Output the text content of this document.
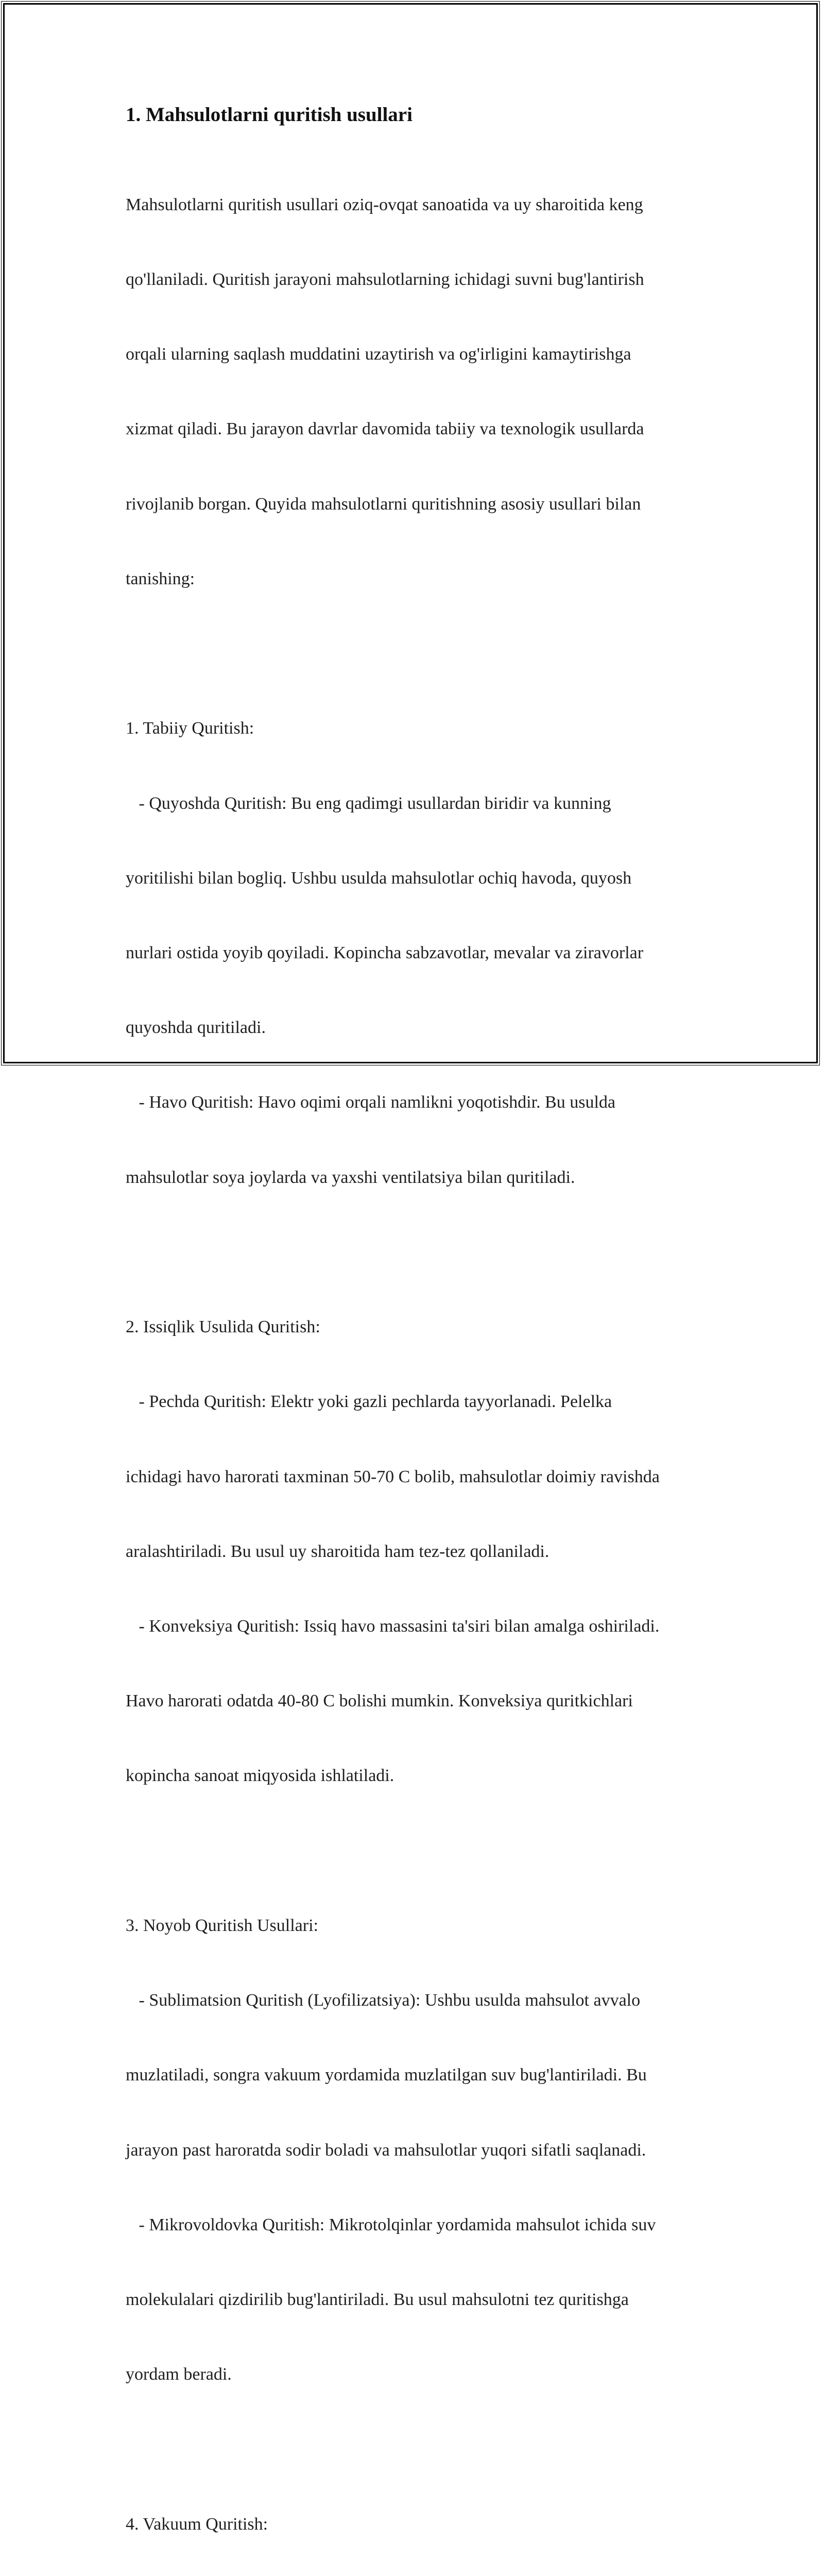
1. Mahsulotlarni quritish usullari

Mahsulotlarni quritish usullari oziq-ovqat sanoatida va uy sharoitida keng

qo'llaniladi. Quritish jarayoni mahsulotlarning ichidagi suvni bug'lantirish

orqali ularning saqlash muddatini uzaytirish va og'irligini kamaytirishga

xizmat qiladi. Bu jarayon davrlar davomida tabiiy va texnologik usullarda

rivojlanib borgan. Quyida mahsulotlarni quritishning asosiy usullari bilan

tanishing:

1. Tabiiy Quritish:

- Quyoshda Quritish: Bu eng qadimgi usullardan biridir va kunning

yoritilishi bilan bogliq. Ushbu usulda mahsulotlar ochiq havoda, quyosh

nurlari ostida yoyib qoyiladi. Kopincha sabzavotlar, mevalar va ziravorlar

quyoshda quritiladi.

- Havo Quritish: Havo oqimi orqali namlikni yoqotishdir. Bu usulda

mahsulotlar soya joylarda va yaxshi ventilatsiya bilan quritiladi.

2. Issiqlik Usulida Quritish:

- Pechda Quritish: Elektr yoki gazli pechlarda tayyorlanadi. Pelelka

ichidagi havo harorati taxminan 50-70 C bolib, mahsulotlar doimiy ravishda

aralashtiriladi. Bu usul uy sharoitida ham tez-tez qollaniladi.

- Konveksiya Quritish: Issiq havo massasini ta'siri bilan amalga oshiriladi.

Havo harorati odatda 40-80 C bolishi mumkin. Konveksiya quritkichlari

kopincha sanoat miqyosida ishlatiladi.

3. Noyob Quritish Usullari:

- Sublimatsion Quritish (Lyofilizatsiya): Ushbu usulda mahsulot avvalo

muzlatiladi, songra vakuum yordamida muzlatilgan suv bug'lantiriladi. Bu

jarayon past haroratda sodir boladi va mahsulotlar yuqori sifatli saqlanadi.

- Mikrovoldovka Quritish: Mikrotolqinlar yordamida mahsulot ichida suv

molekulalari qizdirilib bug'lantiriladi. Bu usul mahsulotni tez quritishga

yordam beradi.

4. Vakuum Quritish:
